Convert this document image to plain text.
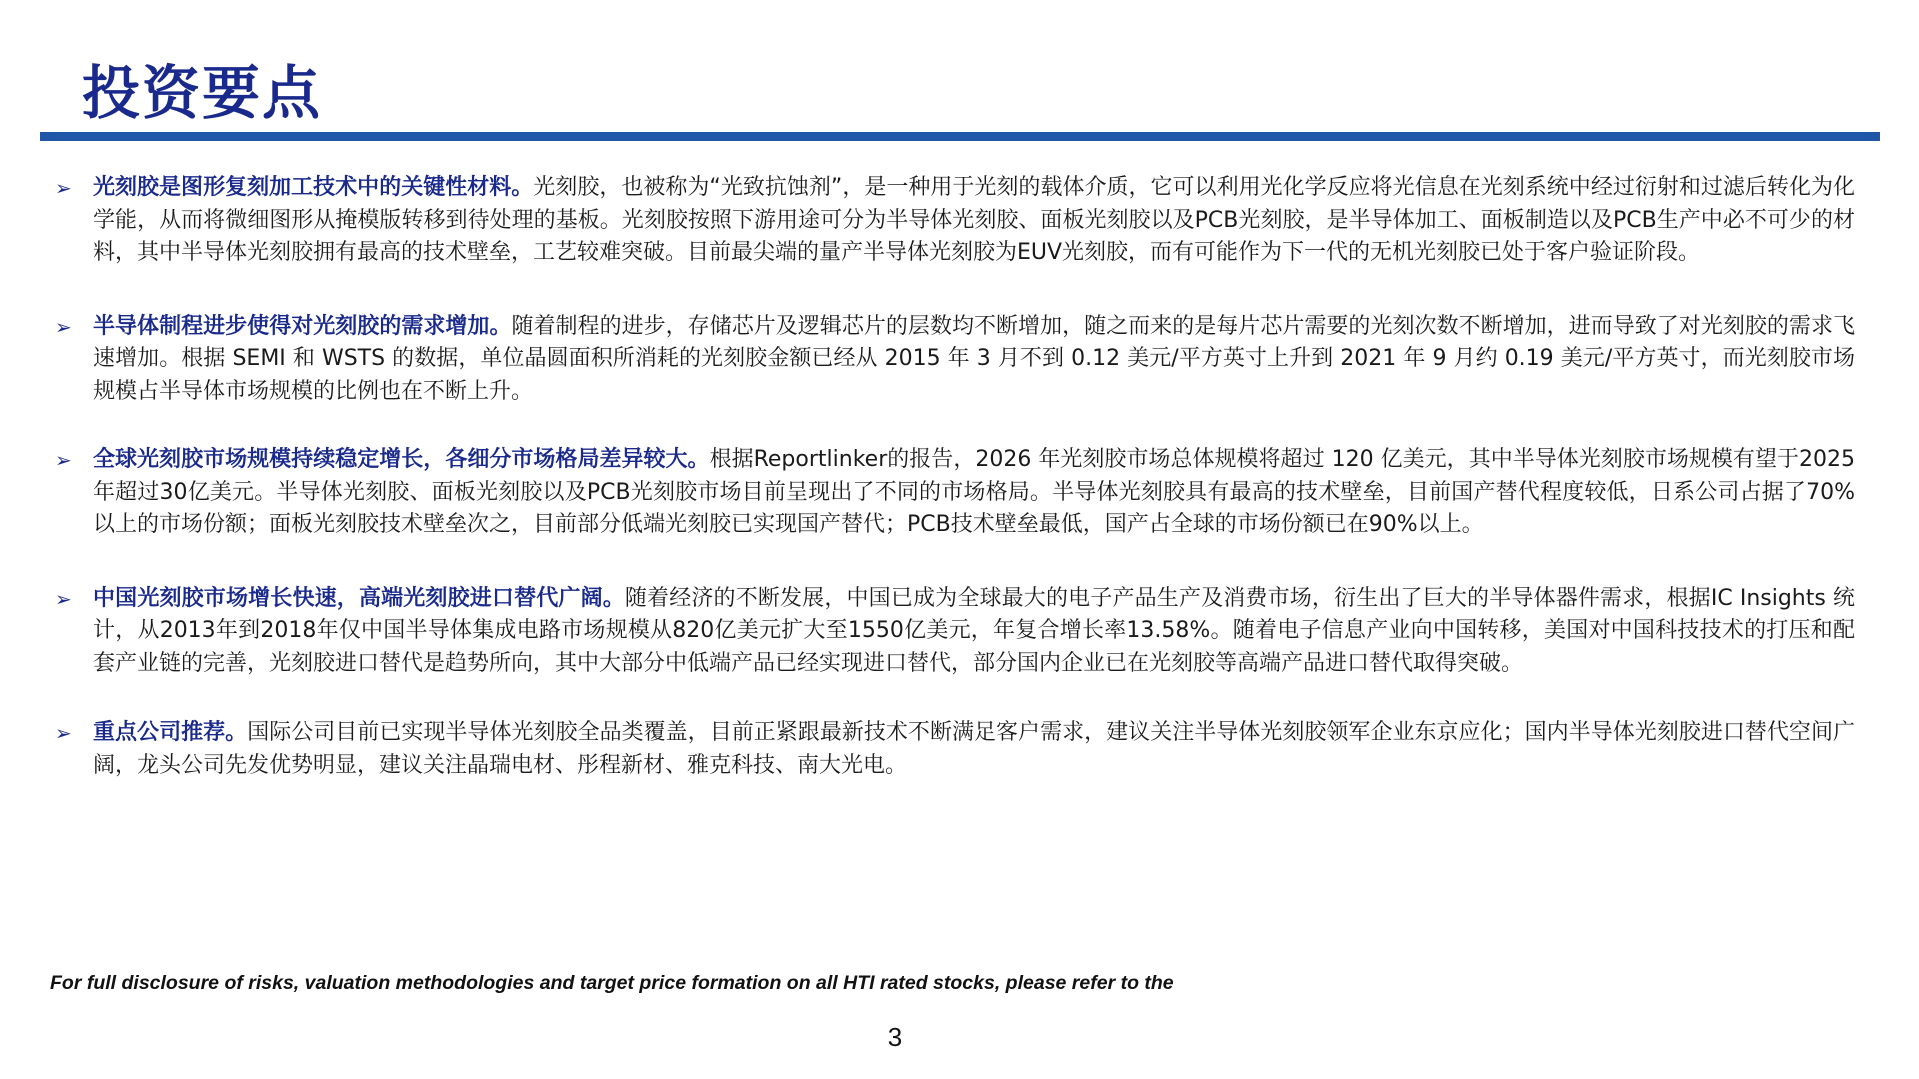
投资要点
➢ 光刻胶是图形复刻加工技术中的关键性材料。光刻胶，也被称为“光致抗蚀剂”，是一种用于光刻的载体介质，它可以利用光化学反应将光信息在光刻系统中经过衍射和过滤后转化为化学能，从而将微细图形从掩模版转移到待处理的基板。光刻胶按照下游用途可分为半导体光刻胶、面板光刻胶以及PCB光刻胶，是半导体加工、面板制造以及PCB生产中必不可少的材料，其中半导体光刻胶拥有最高的技术壁垒，工艺较难突破。目前最尖端的量产半导体光刻胶为EUV光刻胶，而有可能作为下一代的无机光刻胶已处于客户验证阶段。

➢ 半导体制程进步使得对光刻胶的需求增加。随着制程的进步，存储芯片及逻辑芯片的层数均不断增加，随之而来的是每片芯片需要的光刻次数不断增加，进而导致了对光刻胶的需求飞速增加。根据 SEMI 和 WSTS 的数据，单位晶圆面积所消耗的光刻胶金额已经从 2015 年 3 月不到 0.12 美元/平方英寸上升到 2021 年 9 月约 0.19 美元/平方英寸，而光刻胶市场规模占半导体市场规模的比例也在不断上升。

➢ 全球光刻胶市场规模持续稳定增长，各细分市场格局差异较大。根据Reportlinker的报告，2026 年光刻胶市场总体规模将超过 120 亿美元，其中半导体光刻胶市场规模有望于2025年超过30亿美元。半导体光刻胶、面板光刻胶以及PCB光刻胶市场目前呈现出了不同的市场格局。半导体光刻胶具有最高的技术壁垒，目前国产替代程度较低，日系公司占据了70%以上的市场份额；面板光刻胶技术壁垒次之，目前部分低端光刻胶已实现国产替代；PCB技术壁垒最低，国产占全球的市场份额已在90%以上。

➢ 中国光刻胶市场增长快速，高端光刻胶进口替代广阔。随着经济的不断发展，中国已成为全球最大的电子产品生产及消费市场，衍生出了巨大的半导体器件需求，根据IC Insights 统计，从2013年到2018年仅中国半导体集成电路市场规模从820亿美元扩大至1550亿美元，年复合增长率13.58%。随着电子信息产业向中国转移，美国对中国科技技术的打压和配套产业链的完善，光刻胶进口替代是趋势所向，其中大部分中低端产品已经实现进口替代，部分国内企业已在光刻胶等高端产品进口替代取得突破。

➢ 重点公司推荐。国际公司目前已实现半导体光刻胶全品类覆盖，目前正紧跟最新技术不断满足客户需求，建议关注半导体光刻胶领军企业东京应化；国内半导体光刻胶进口替代空间广阔，龙头公司先发优势明显，建议关注晶瑞电材、彤程新材、雅克科技、南大光电。

For full disclosure of risks, valuation methodologies and target price formation on all HTI rated stocks, please refer to the

3
